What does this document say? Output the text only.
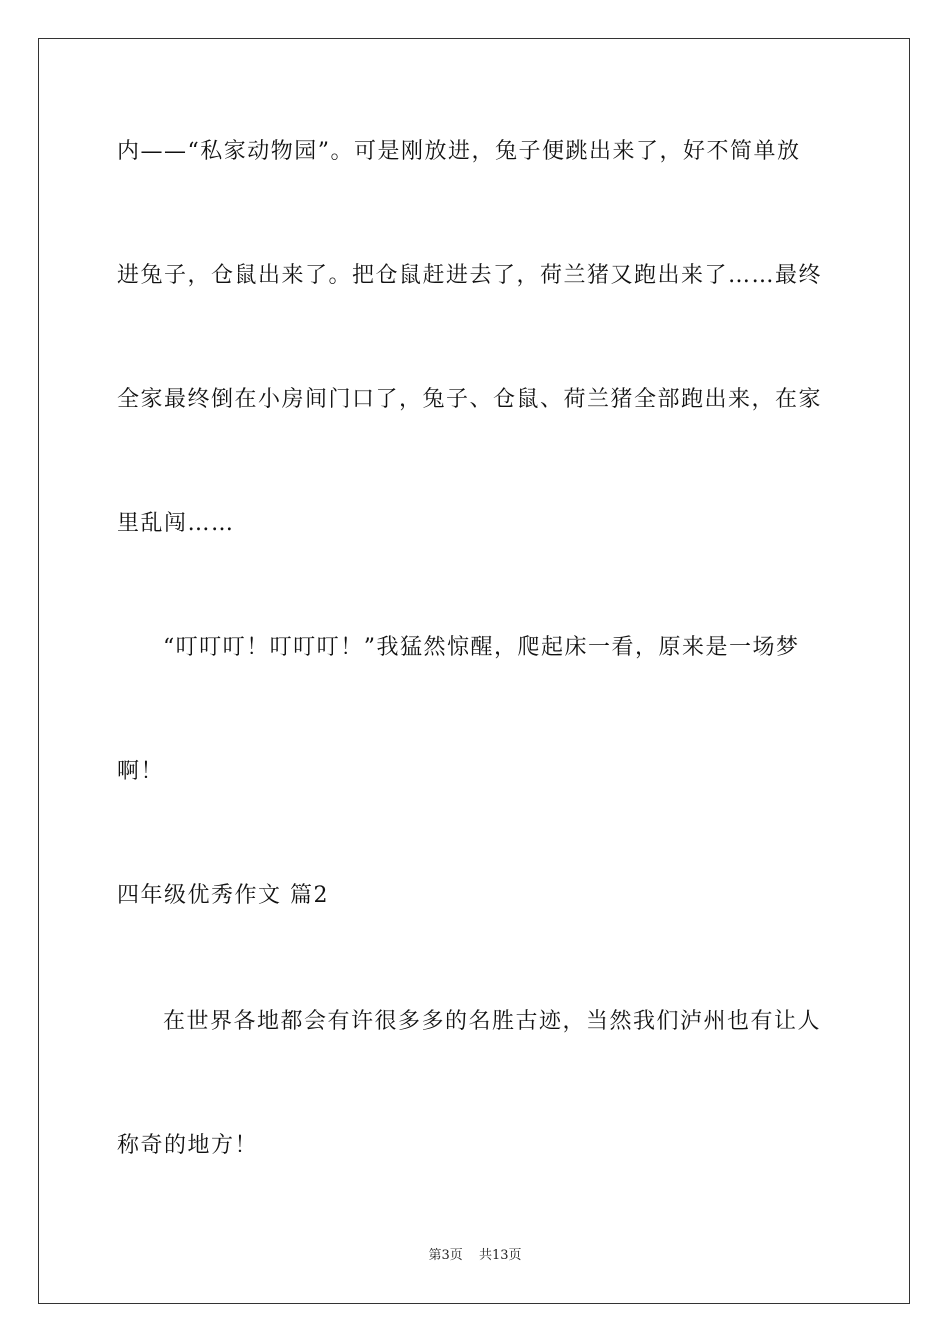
内——“私家动物园”。可是刚放进，兔子便跳出来了，好不简单放
进兔子，仓鼠出来了。把仓鼠赶进去了，荷兰猪又跑出来了……最终
全家最终倒在小房间门口了，兔子、仓鼠、荷兰猪全部跑出来，在家
里乱闯……
“叮叮叮！叮叮叮！”我猛然惊醒，爬起床一看，原来是一场梦
啊！
四年级优秀作文 篇2
在世界各地都会有许很多多的名胜古迹，当然我们泸州也有让人
称奇的地方！
第3页 共13页
